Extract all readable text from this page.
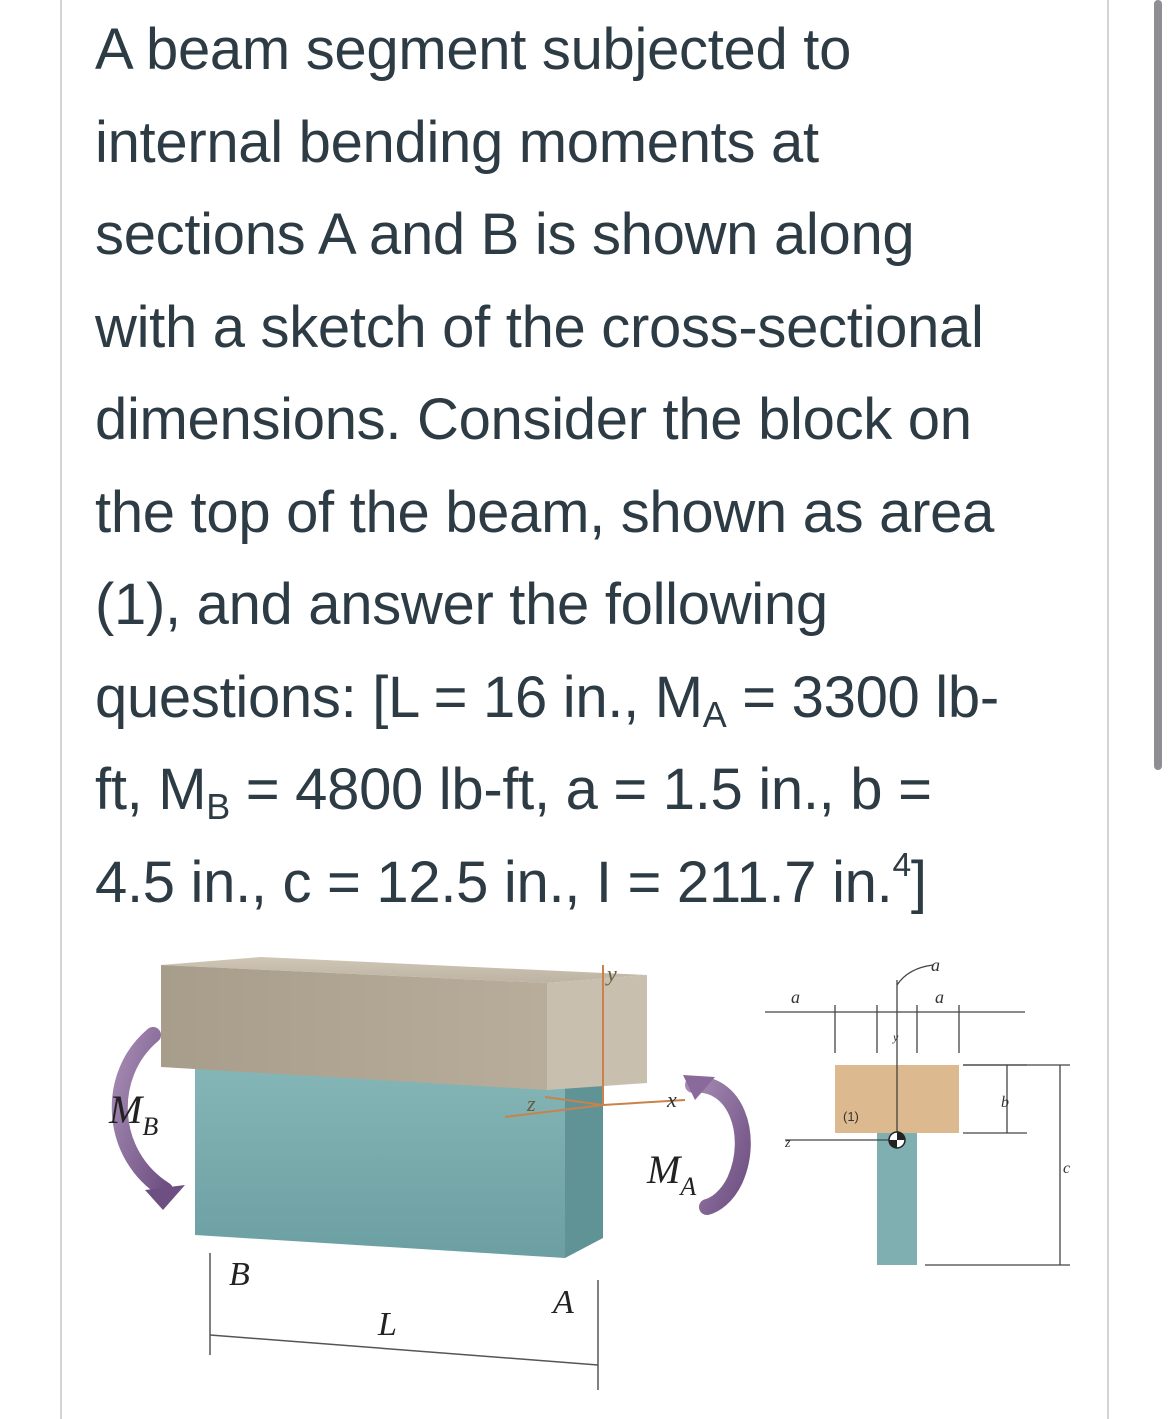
A beam segment subjected to
internal bending moments at
sections A and B is shown along
with a sketch of the cross-sectional
dimensions. Consider the block on
the top of the beam, shown as area
(1), and answer the following
questions: [L = 16 in., $M_A = 3300$ lb-
ft, $M_B = 4800$ lb-ft, a = 1.5 in., b =
4.5 in., c = 12.5 in., I = 211.7 in.$^4$]
y
z	x
$M_B$
$M_A$
B
A
L
a
a
a
y
z
(1)
b
c
